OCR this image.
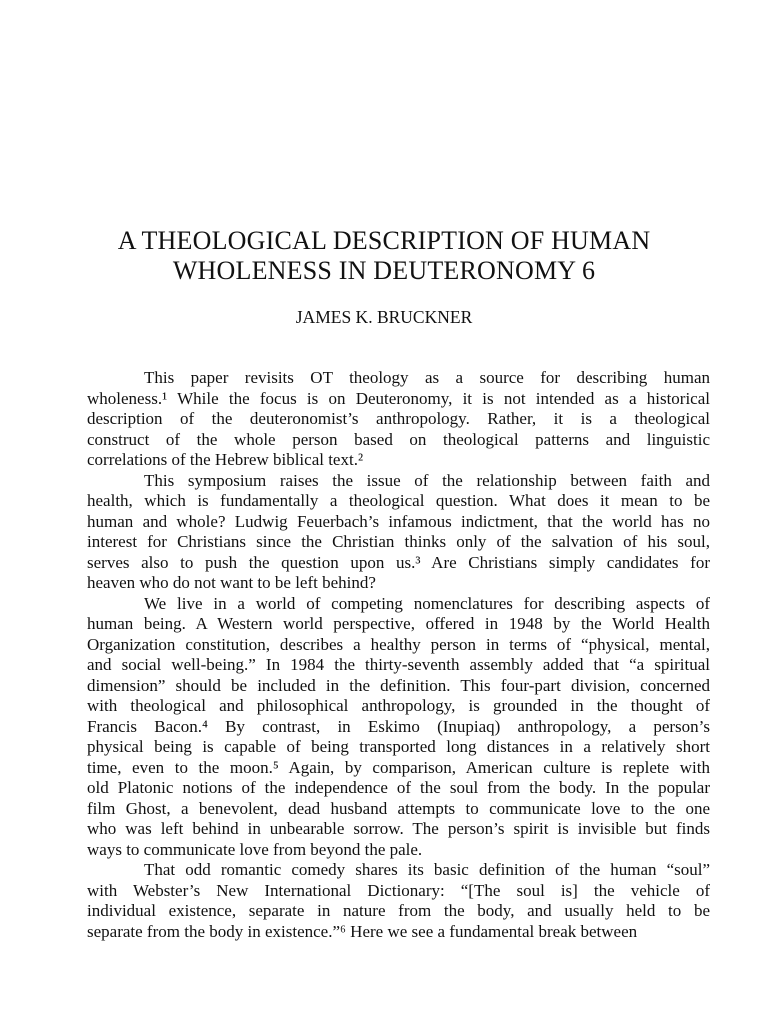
A THEOLOGICAL DESCRIPTION OF HUMAN
WHOLENESS IN DEUTERONOMY 6
JAMES K. BRUCKNER
This paper revisits OT theology as a source for describing human
wholeness.¹ While the focus is on Deuteronomy, it is not intended as a historical
description of the deuteronomist’s anthropology. Rather, it is a theological
construct of the whole person based on theological patterns and linguistic
correlations of the Hebrew biblical text.²
This symposium raises the issue of the relationship between faith and
health, which is fundamentally a theological question. What does it mean to be
human and whole? Ludwig Feuerbach’s infamous indictment, that the world has no
interest for Christians since the Christian thinks only of the salvation of his soul,
serves also to push the question upon us.³ Are Christians simply candidates for
heaven who do not want to be left behind?
We live in a world of competing nomenclatures for describing aspects of
human being. A Western world perspective, offered in 1948 by the World Health
Organization constitution, describes a healthy person in terms of “physical, mental,
and social well-being.” In 1984 the thirty-seventh assembly added that “a spiritual
dimension” should be included in the definition. This four-part division, concerned
with theological and philosophical anthropology, is grounded in the thought of
Francis Bacon.⁴ By contrast, in Eskimo (Inupiaq) anthropology, a person’s
physical being is capable of being transported long distances in a relatively short
time, even to the moon.⁵ Again, by comparison, American culture is replete with
old Platonic notions of the independence of the soul from the body. In the popular
film Ghost, a benevolent, dead husband attempts to communicate love to the one
who was left behind in unbearable sorrow. The person’s spirit is invisible but finds
ways to communicate love from beyond the pale.
That odd romantic comedy shares its basic definition of the human “soul”
with Webster’s New International Dictionary: “[The soul is] the vehicle of
individual existence, separate in nature from the body, and usually held to be
separate from the body in existence.”⁶ Here we see a fundamental break between
